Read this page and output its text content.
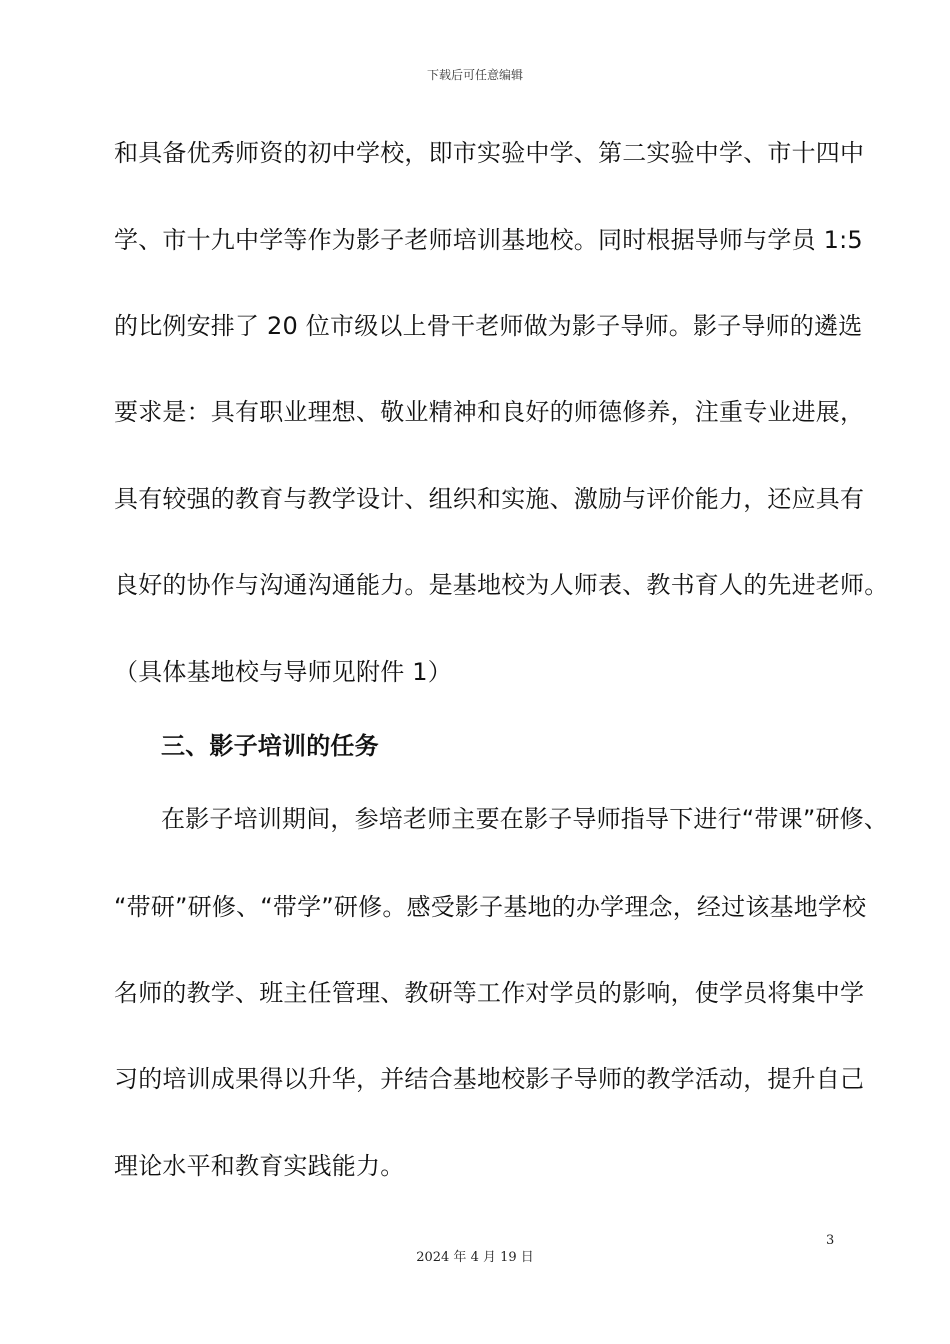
下载后可任意编辑
和具备优秀师资的初中学校，即市实验中学、第二实验中学、市十四中
学、市十九中学等作为影子老师培训基地校。同时根据导师与学员 1:5
的比例安排了 20 位市级以上骨干老师做为影子导师。影子导师的遴选
要求是：具有职业理想、敬业精神和良好的师德修养，注重专业进展，
具有较强的教育与教学设计、组织和实施、激励与评价能力，还应具有
良好的协作与沟通沟通能力。是基地校为人师表、教书育人的先进老师。
（具体基地校与导师见附件 1）
三、影子培训的任务
在影子培训期间，参培老师主要在影子导师指导下进行“带课”研修、
“带研”研修、“带学”研修。感受影子基地的办学理念，经过该基地学校
名师的教学、班主任管理、教研等工作对学员的影响，使学员将集中学
习的培训成果得以升华，并结合基地校影子导师的教学活动，提升自己
理论水平和教育实践能力。
3
2024 年 4 月 19 日
